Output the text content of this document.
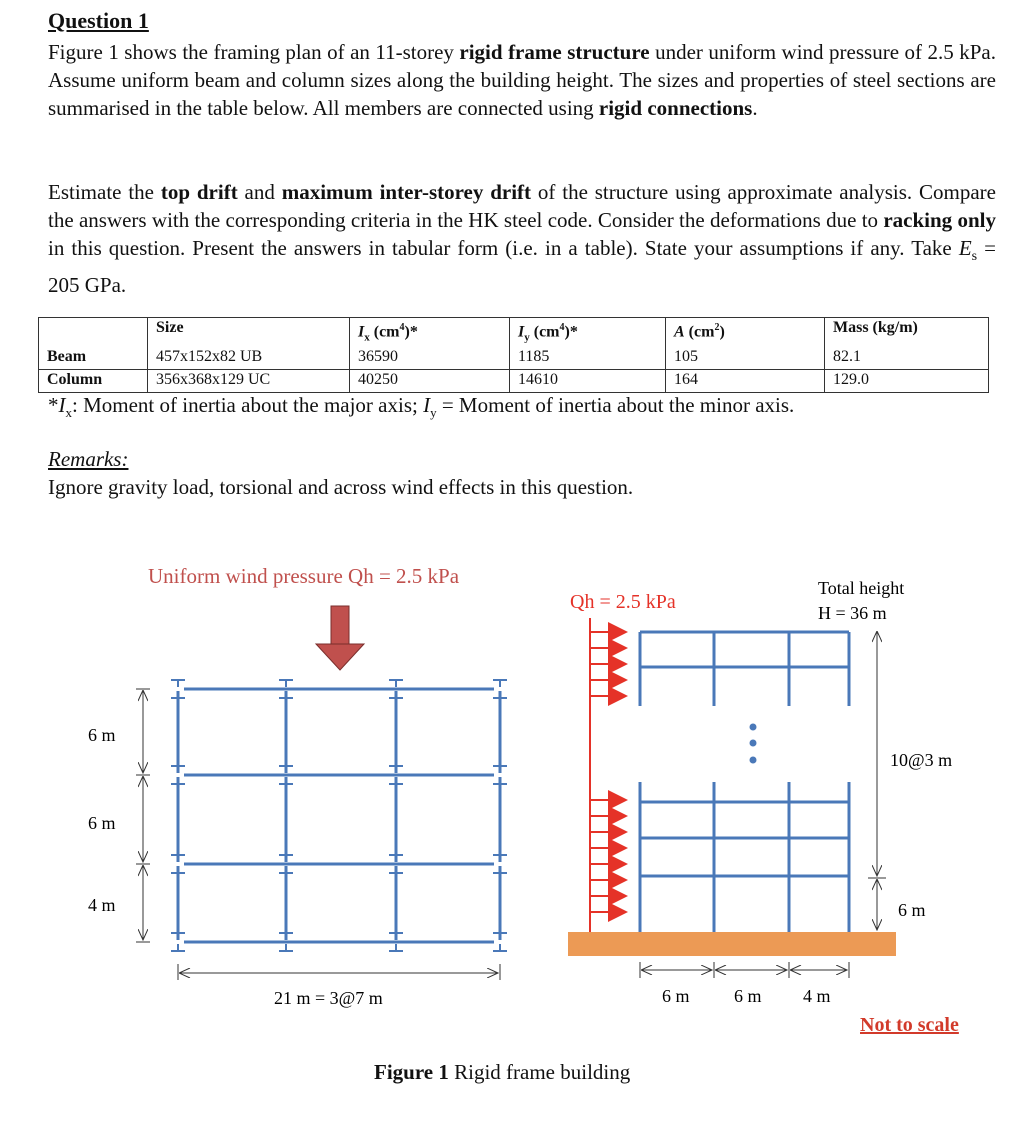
Question 1
Figure 1 shows the framing plan of an 11-storey rigid frame structure under uniform wind pressure of 2.5 kPa. Assume uniform beam and column sizes along the building height. The sizes and properties of steel sections are summarised in the table below. All members are connected using rigid connections.
Estimate the top drift and maximum inter-storey drift of the structure using approximate analysis. Compare the answers with the corresponding criteria in the HK steel code. Consider the deformations due to racking only in this question. Present the answers in tabular form (i.e. in a table). State your assumptions if any. Take $E_s = 205$ GPa.
	Size	$I_x$ $(cm^4)*$	$I_y$ $(cm^4)*$	A $(cm^2)$	Mass (kg/m)
Beam	457x152x82 UB	36590	1185	105	82.1
Column	356x368x129 UC	40250	14610	164	129.0
$*I_x$: Moment of inertia about the major axis; $I_y$ = Moment of inertia about the minor axis.
Remarks:
Ignore gravity load, torsional and across wind effects in this question.
Uniform wind pressure Qh = 2.5 kPa
6 m
6 m
4 m
21 m = 3@7 m
Qh = 2.5 kPa
Total height
H = 36 m
10@3 m
6 m
6 m 6 m 4 m
Not to scale
Figure 1 Rigid frame building
